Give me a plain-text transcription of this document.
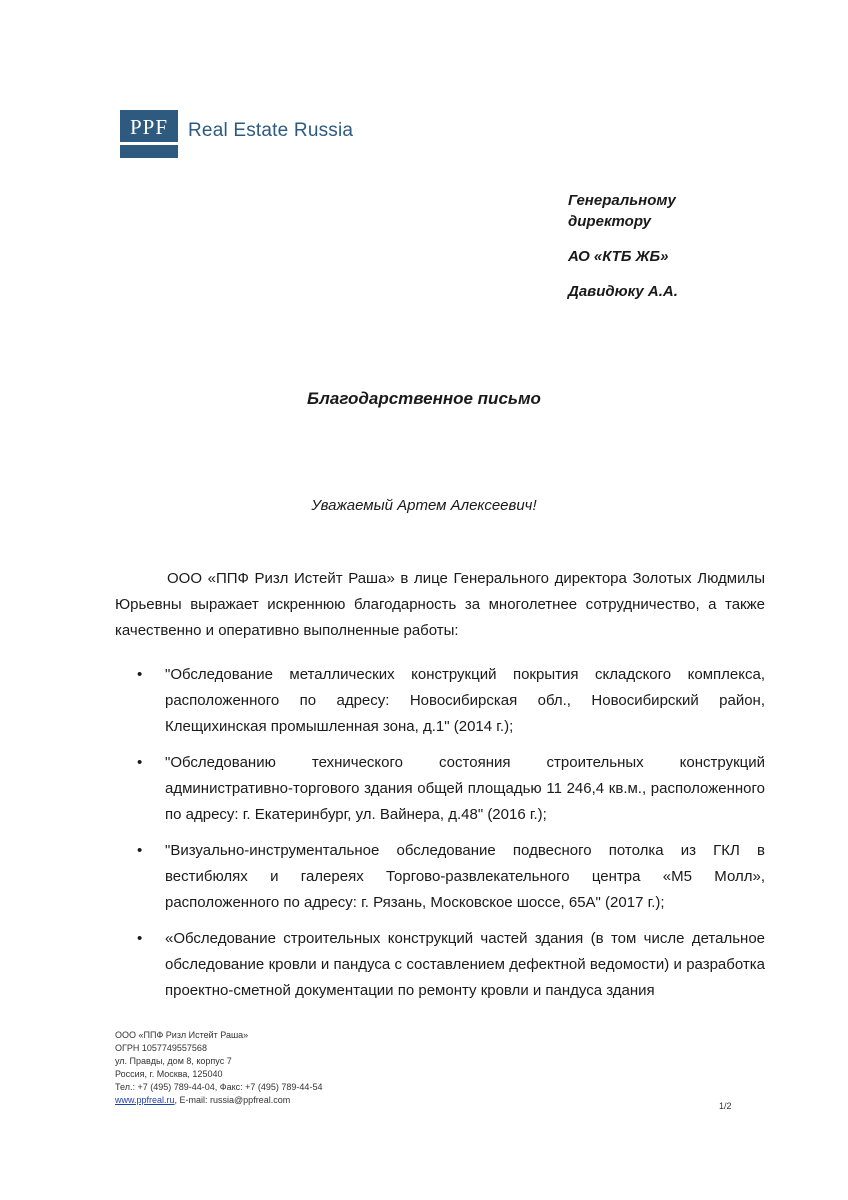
PPF	Real Estate Russia
Генеральному
директору
АО «КТБ ЖБ»
Давидюку А.А.
Благодарственное письмо
Уважаемый Артем Алексеевич!
ООО «ППФ Ризл Истейт Раша» в лице Генерального директора Золотых Людмилы Юрьевны выражает искреннюю благодарность за многолетнее сотрудничество, а также качественно и оперативно выполненные работы:
• "Обследование металлических конструкций покрытия складского комплекса, расположенного по адресу: Новосибирская обл., Новосибирский район, Клещихинская промышленная зона, д.1" (2014 г.);
• "Обследованию технического состояния строительных конструкций административно-торгового здания общей площадью 11 246,4 кв.м., расположенного по адресу: г. Екатеринбург, ул. Вайнера, д.48" (2016 г.);
• "Визуально-инструментальное обследование подвесного потолка из ГКЛ в вестибюлях и галереях Торгово-развлекательного центра «М5 Молл», расположенного по адресу: г. Рязань, Московское шоссе, 65А" (2017 г.);
• «Обследование строительных конструкций частей здания (в том числе детальное обследование кровли и пандуса с составлением дефектной ведомости) и разработка проектно-сметной документации по ремонту кровли и пандуса здания
ООО «ППФ Ризл Истейт Раша»
ОГРН 1057749557568
ул. Правды, дом 8, корпус 7
Россия, г. Москва, 125040
Тел.: +7 (495) 789-44-04, Факс: +7 (495) 789-44-54
www.ppfreal.ru, E-mail: russia@ppfreal.com
1/2
